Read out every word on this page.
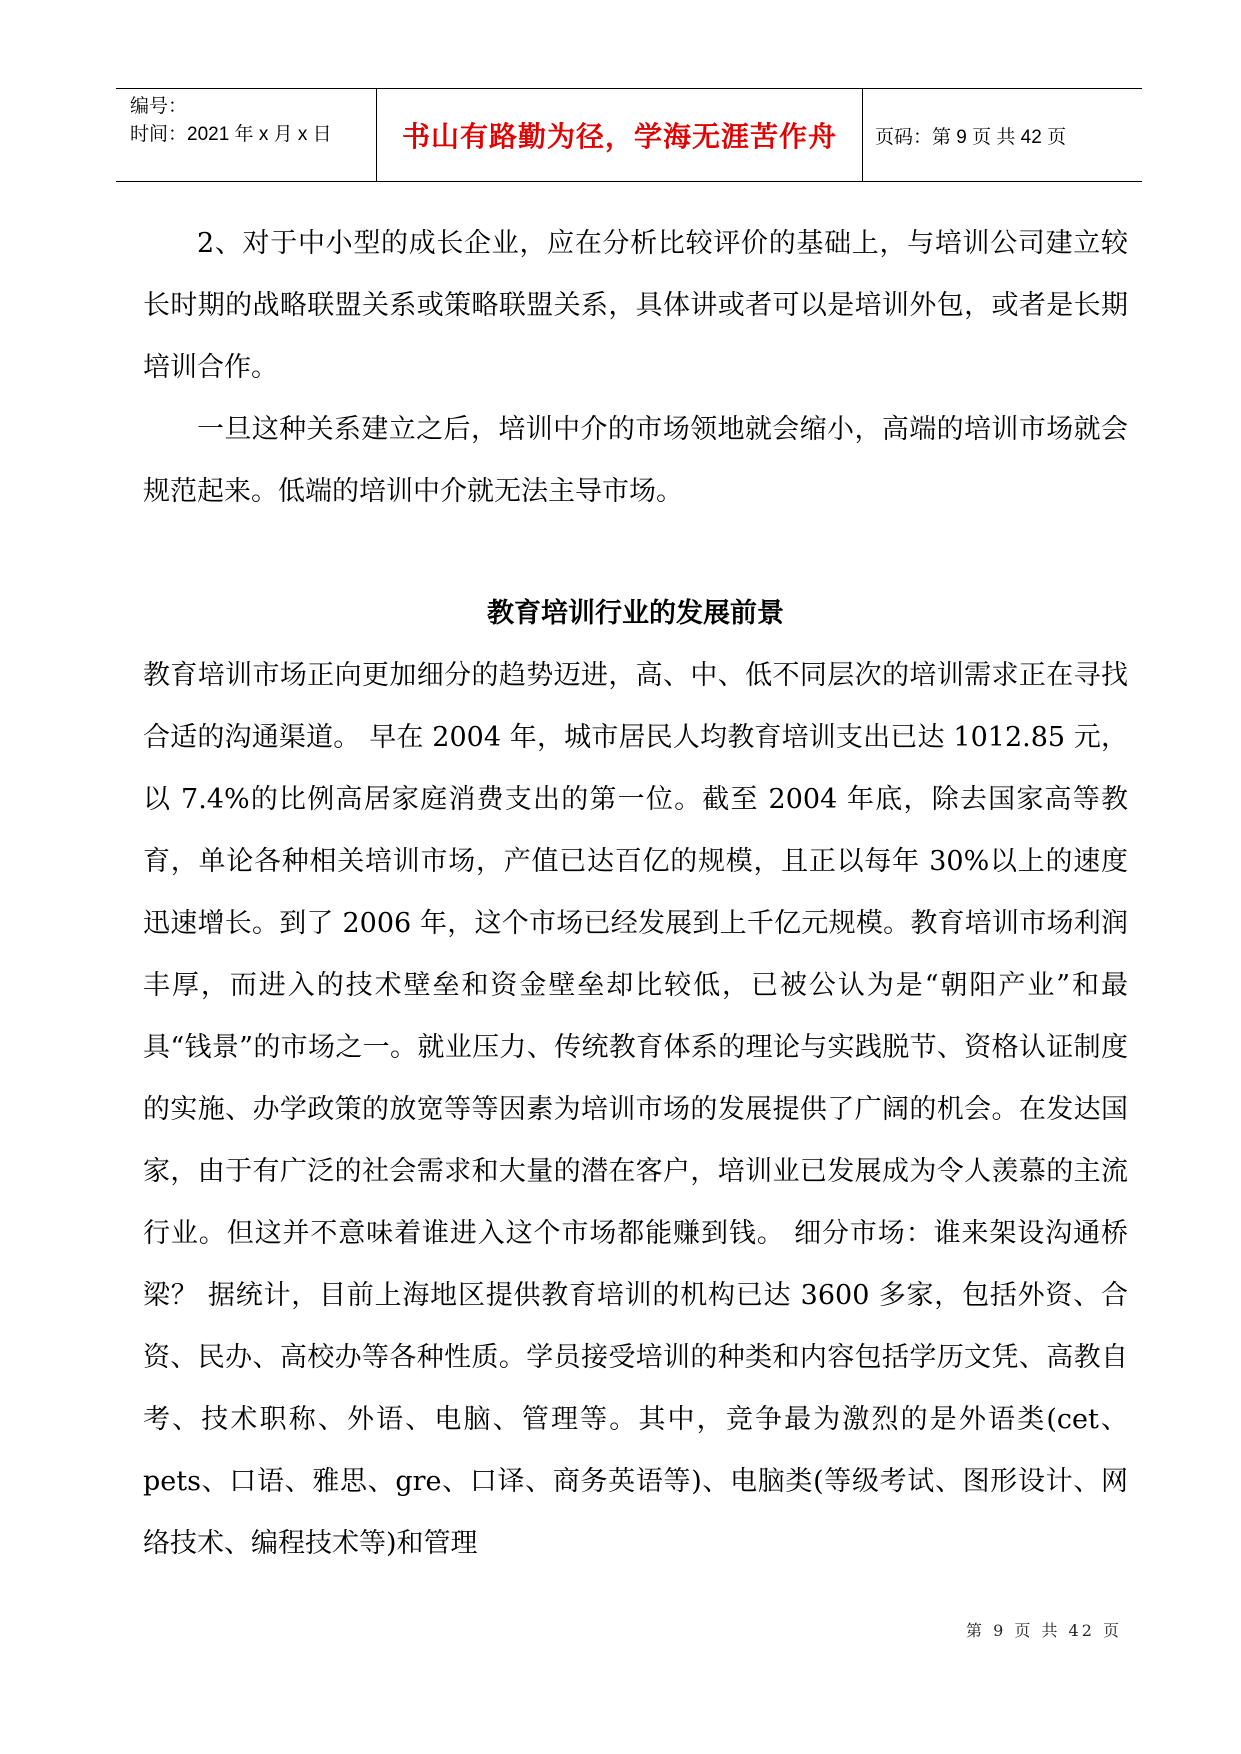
编号：
时间：2021 年 x 月 x 日	书山有路勤为径，学海无涯苦作舟 页码：第 9 页 共 42 页

2、对于中小型的成长企业，应在分析比较评价的基础上，与培训公司建立较长时期的战略联盟关系或策略联盟关系，具体讲或者可以是培训外包，或者是长期培训合作。

一旦这种关系建立之后，培训中介的市场领地就会缩小，高端的培训市场就会规范起来。低端的培训中介就无法主导市场。

教育培训行业的发展前景

教育培训市场正向更加细分的趋势迈进，高、中、低不同层次的培训需求正在寻找合适的沟通渠道。 早在 2004 年，城市居民人均教育培训支出已达 1012.85 元，以 7.4%的比例高居家庭消费支出的第一位。截至 2004 年底，除去国家高等教育，单论各种相关培训市场，产值已达百亿的规模，且正以每年 30%以上的速度迅速增长。到了 2006 年，这个市场已经发展到上千亿元规模。教育培训市场利润丰厚，而进入的技术壁垒和资金壁垒却比较低，已被公认为是“朝阳产业”和最具“钱景”的市场之一。就业压力、传统教育体系的理论与实践脱节、资格认证制度的实施、办学政策的放宽等等因素为培训市场的发展提供了广阔的机会。在发达国家，由于有广泛的社会需求和大量的潜在客户，培训业已发展成为令人羡慕的主流行业。但这并不意味着谁进入这个市场都能赚到钱。 细分市场：谁来架设沟通桥梁？ 据统计，目前上海地区提供教育培训的机构已达 3600 多家，包括外资、合资、民办、高校办等各种性质。学员接受培训的种类和内容包括学历文凭、高教自考、技术职称、外语、电脑、管理等。其中，竞争最为激烈的是外语类(cet、pets、口语、雅思、gre、口译、商务英语等)、电脑类(等级考试、图形设计、网络技术、编程技术等)和管理

第 9 页 共 42 页
